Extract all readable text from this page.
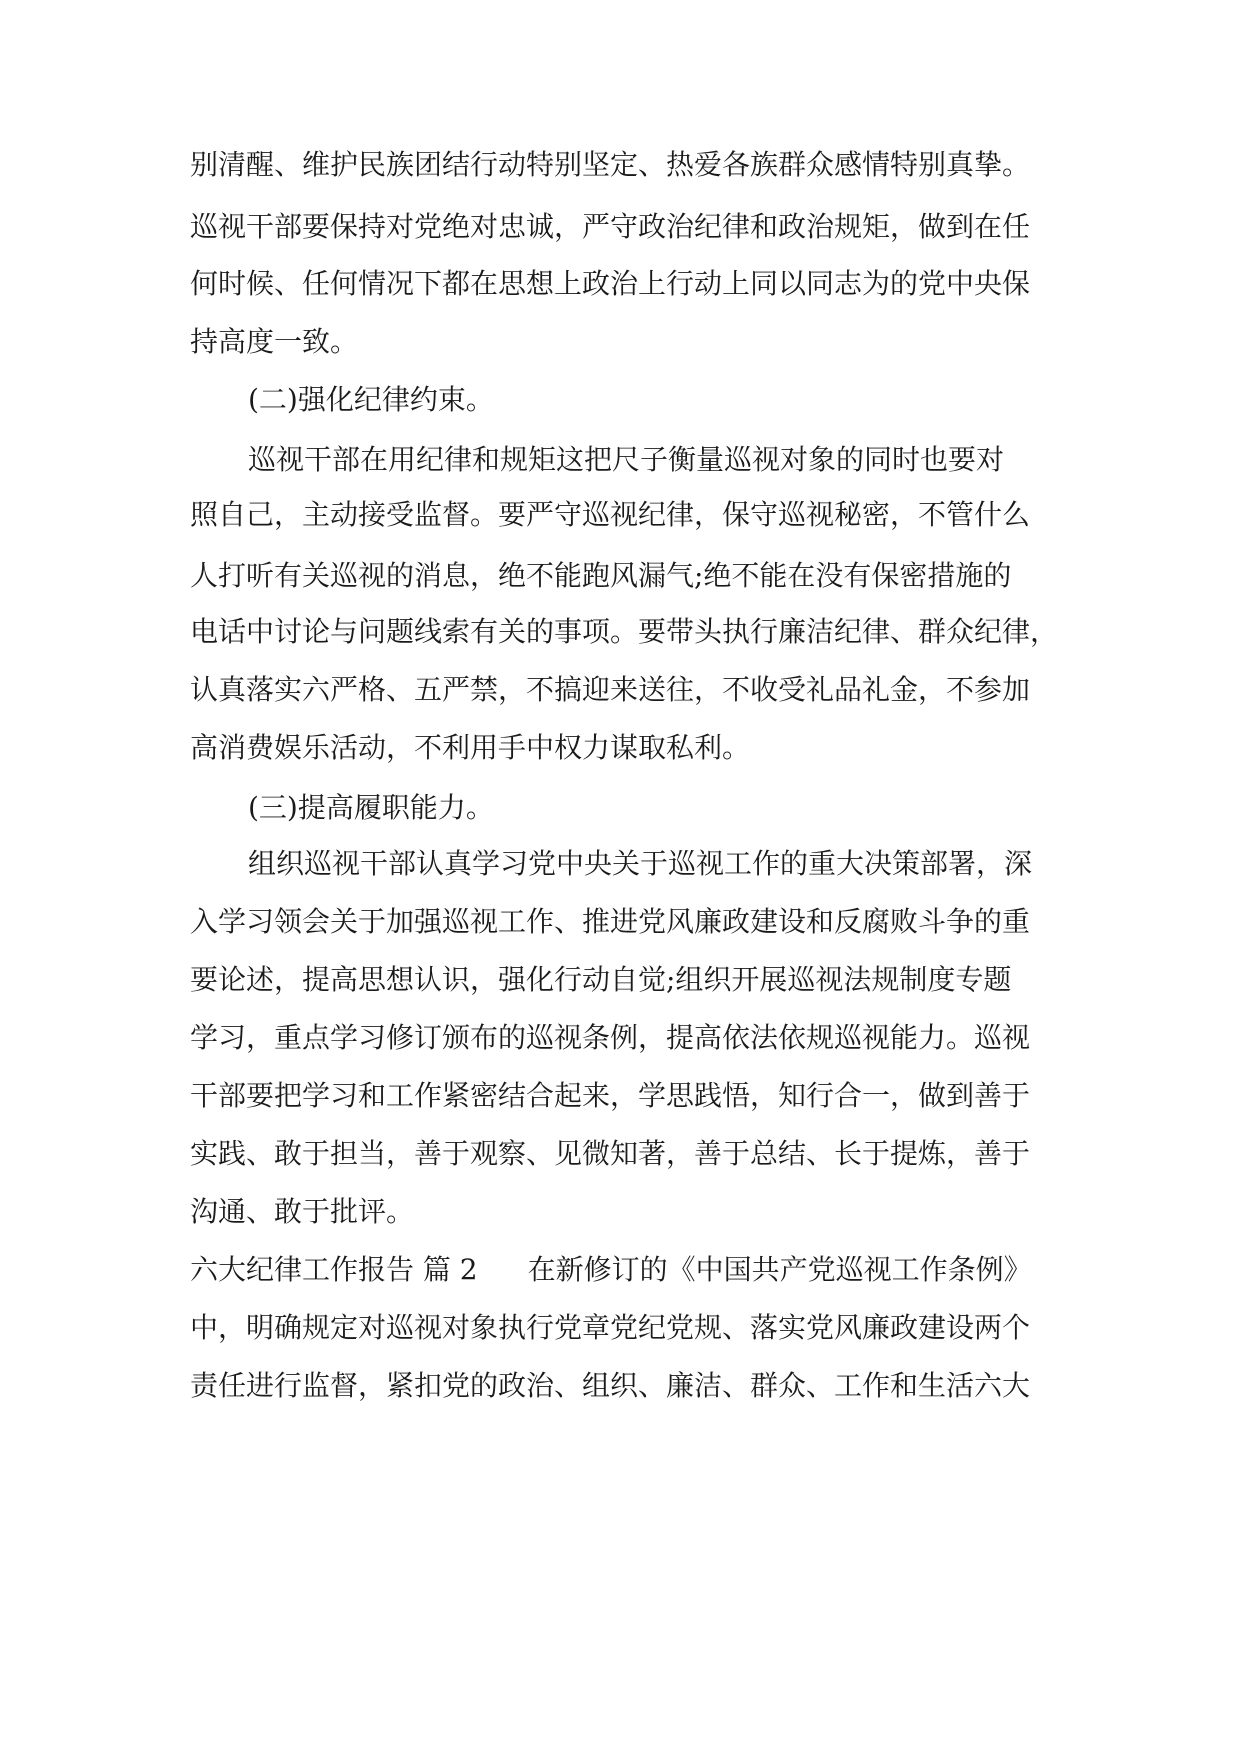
别清醒、维护民族团结行动特别坚定、热爱各族群众感情特别真挚。
巡视干部要保持对党绝对忠诚，严守政治纪律和政治规矩，做到在任
何时候、任何情况下都在思想上政治上行动上同以同志为的党中央保
持高度一致。
(二)强化纪律约束。
巡视干部在用纪律和规矩这把尺子衡量巡视对象的同时也要对
照自己，主动接受监督。要严守巡视纪律，保守巡视秘密，不管什么
人打听有关巡视的消息，绝不能跑风漏气;绝不能在没有保密措施的
电话中讨论与问题线索有关的事项。要带头执行廉洁纪律、群众纪律，
认真落实六严格、五严禁，不搞迎来送往，不收受礼品礼金，不参加
高消费娱乐活动，不利用手中权力谋取私利。
(三)提高履职能力。
组织巡视干部认真学习党中央关于巡视工作的重大决策部署，深
入学习领会关于加强巡视工作、推进党风廉政建设和反腐败斗争的重
要论述，提高思想认识，强化行动自觉;组织开展巡视法规制度专题
学习，重点学习修订颁布的巡视条例，提高依法依规巡视能力。巡视
干部要把学习和工作紧密结合起来，学思践悟，知行合一，做到善于
实践、敢于担当，善于观察、见微知著，善于总结、长于提炼，善于
沟通、敢于批评。
六大纪律工作报告 篇 2 在新修订的《中国共产党巡视工作条例》
中，明确规定对巡视对象执行党章党纪党规、落实党风廉政建设两个
责任进行监督，紧扣党的政治、组织、廉洁、群众、工作和生活六大
